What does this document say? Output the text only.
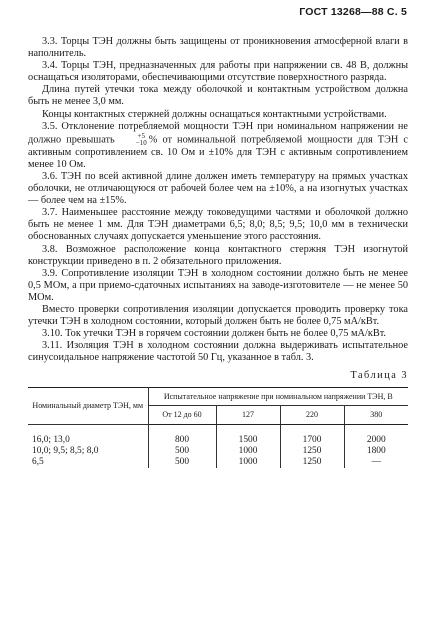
ГОСТ 13268—88 С. 5

3.3. Торцы ТЭН должны быть защищены от проникновения атмосферной влаги в наполнитель.

3.4. Торцы ТЭН, предназначенных для работы при напряжении св. 48 В, должны оснащаться изоляторами, обеспечивающими отсутствие поверхностного разряда.

Длина путей утечки тока между оболочкой и контактным устройством должна быть не менее 3,0 мм.

Концы контактных стержней должны оснащаться контактными устройствами.

3.5. Отклонение потребляемой мощности ТЭН при номинальном напряжении не должно превышать	+5
−10 % от номинальной потребляемой мощности для ТЭН с активным сопротивлением св. 10 Ом и ±10% для ТЭН с активным сопротивлением менее 10 Ом.

3.6. ТЭН по всей активной длине должен иметь температуру на прямых участках оболочки, не отличающуюся от рабочей более чем на ±10%, а на изогнутых участках — более чем на ±15%.

3.7. Наименьшее расстояние между токоведущими частями и оболочкой должно быть не менее 1 мм. Для ТЭН диаметрами 6,5; 8,0; 8,5; 9,5; 10,0 мм в технически обоснованных случаях допускается уменьшение этого расстояния.

3.8. Возможное расположение конца контактного стержня ТЭН изогнутой конструкции приведено в п. 2 обязательного приложения.

3.9. Сопротивление изоляции ТЭН в холодном состоянии должно быть не менее 0,5 МОм, а при приемо-сдаточных испытаниях на заводе-изготовителе — не менее 50 МОм.

Вместо проверки сопротивления изоляции допускается проводить проверку тока утечки ТЭН в холодном состоянии, который должен быть не более 0,75 мА/кВт.

3.10. Ток утечки ТЭН в горячем состоянии должен быть не более 0,75 мА/кВт.

3.11. Изоляция ТЭН в холодном состоянии должна выдерживать испытательное синусоидальное напряжение частотой 50 Гц, указанное в табл. 3.

Таблица 3
Номинальный диаметр ТЭН, мм	Испытательное напряжение при номинальном напряжении ТЭН, В			
	От 12 до 60	127	220	380

16,0; 13,0	800	1500	1700	2000
10,0; 9,5; 8,5; 8,0	500	1000	1250	1800
6,5	500	1000	1250	—
